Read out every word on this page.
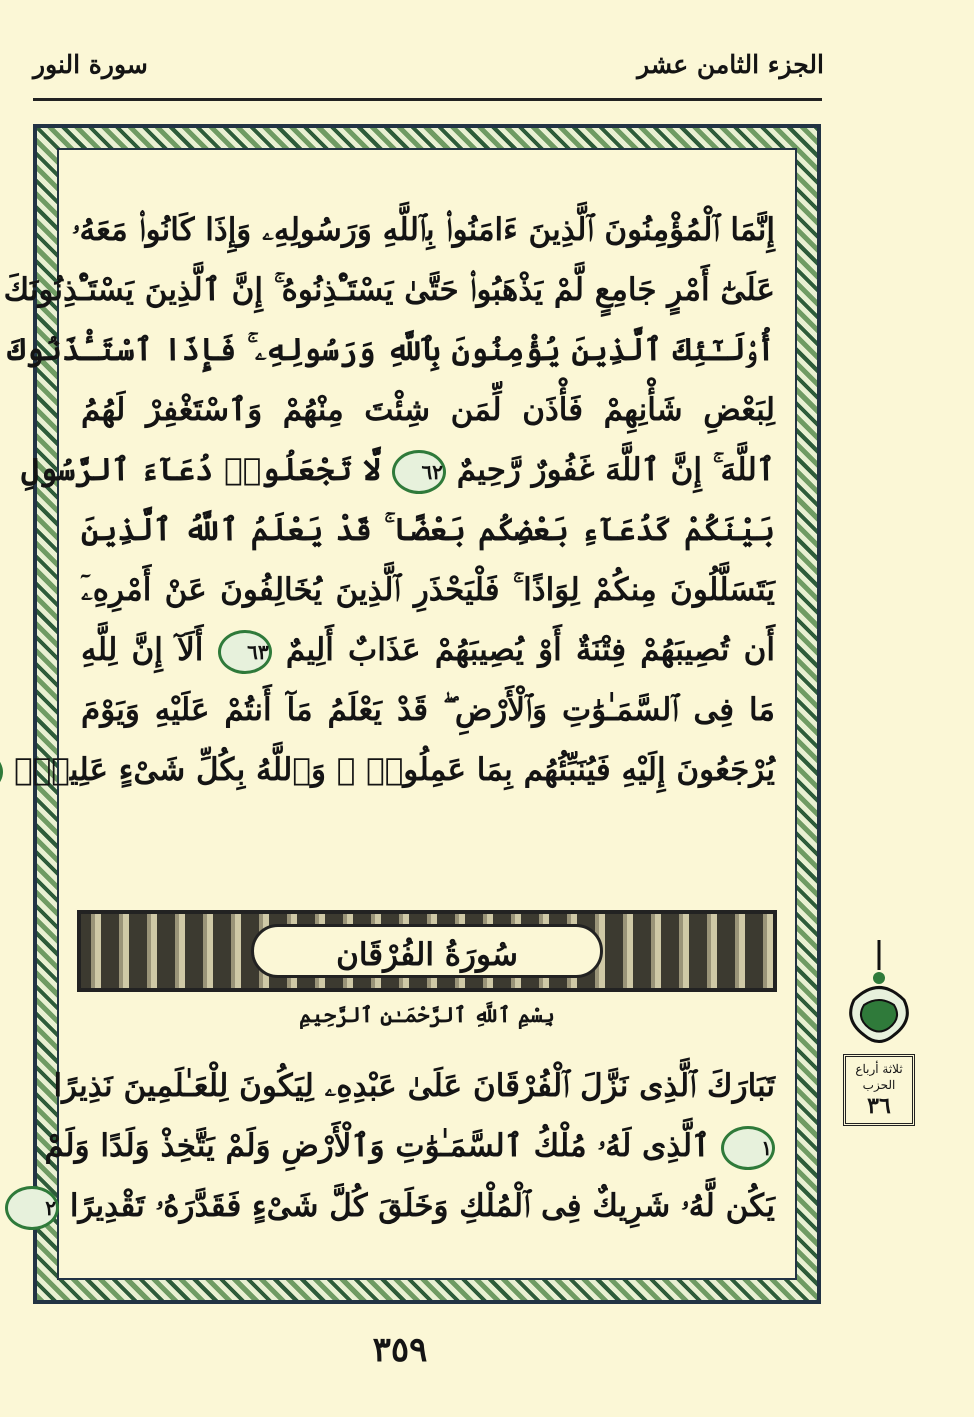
الجزء الثامن عشر
سورة النور
إِنَّمَا ٱلْمُؤْمِنُونَ ٱلَّذِينَ ءَامَنُوا۟ بِٱللَّهِ وَرَسُولِهِۦ وَإِذَا كَانُوا۟ مَعَهُۥ
عَلَىٰٓ أَمْرٍ جَامِعٍ لَّمْ يَذْهَبُوا۟ حَتَّىٰ يَسْتَـْٔذِنُوهُ ۚ إِنَّ ٱلَّذِينَ يَسْتَـْٔذِنُونَكَ
أُو۟لَـٰٓئِكَ ٱلَّذِينَ يُؤْمِنُونَ بِٱللَّهِ وَرَسُولِهِۦ ۚ فَإِذَا ٱسْتَـْٔذَنُوكَ
لِبَعْضِ شَأْنِهِمْ فَأْذَن لِّمَن شِئْتَ مِنْهُمْ وَٱسْتَغْفِرْ لَهُمُ
ٱللَّهَ ۚ إِنَّ ٱللَّهَ غَفُورٌ رَّحِيمٌ ٦٢ لَّا تَجْعَلُوا۟ دُعَآءَ ٱلرَّسُولِ
بَيْنَكُمْ كَدُعَآءِ بَعْضِكُم بَعْضًا ۚ قَدْ يَعْلَمُ ٱللَّهُ ٱلَّذِينَ
يَتَسَلَّلُونَ مِنكُمْ لِوَاذًا ۚ فَلْيَحْذَرِ ٱلَّذِينَ يُخَالِفُونَ عَنْ أَمْرِهِۦٓ
أَن تُصِيبَهُمْ فِتْنَةٌ أَوْ يُصِيبَهُمْ عَذَابٌ أَلِيمٌ ٦٣ أَلَآ إِنَّ لِلَّهِ
مَا فِى ٱلسَّمَـٰوَٰتِ وَٱلْأَرْضِ ۖ قَدْ يَعْلَمُ مَآ أَنتُمْ عَلَيْهِ وَيَوْمَ
يُرْجَعُونَ إِلَيْهِ فَيُنَبِّئُهُم بِمَا عَمِلُوا۟ ۗ وَٱللَّهُ بِكُلِّ شَىْءٍ عَلِيمٌۢ
سُورَةُ الفُرْقَان
بِسْمِ ٱللَّهِ ٱلرَّحْمَـٰنِ ٱلرَّحِيمِ
تَبَارَكَ ٱلَّذِى نَزَّلَ ٱلْفُرْقَانَ عَلَىٰ عَبْدِهِۦ لِيَكُونَ لِلْعَـٰلَمِينَ نَذِيرًا
١ ٱلَّذِى لَهُۥ مُلْكُ ٱلسَّمَـٰوَٰتِ وَٱلْأَرْضِ وَلَمْ يَتَّخِذْ وَلَدًا وَلَمْ
يَكُن لَّهُۥ شَرِيكٌ فِى ٱلْمُلْكِ وَخَلَقَ كُلَّ شَىْءٍ فَقَدَّرَهُۥ تَقْدِيرًا ٢
ثلاثة أرباع
الحزب
٣٦
٣٥٩
